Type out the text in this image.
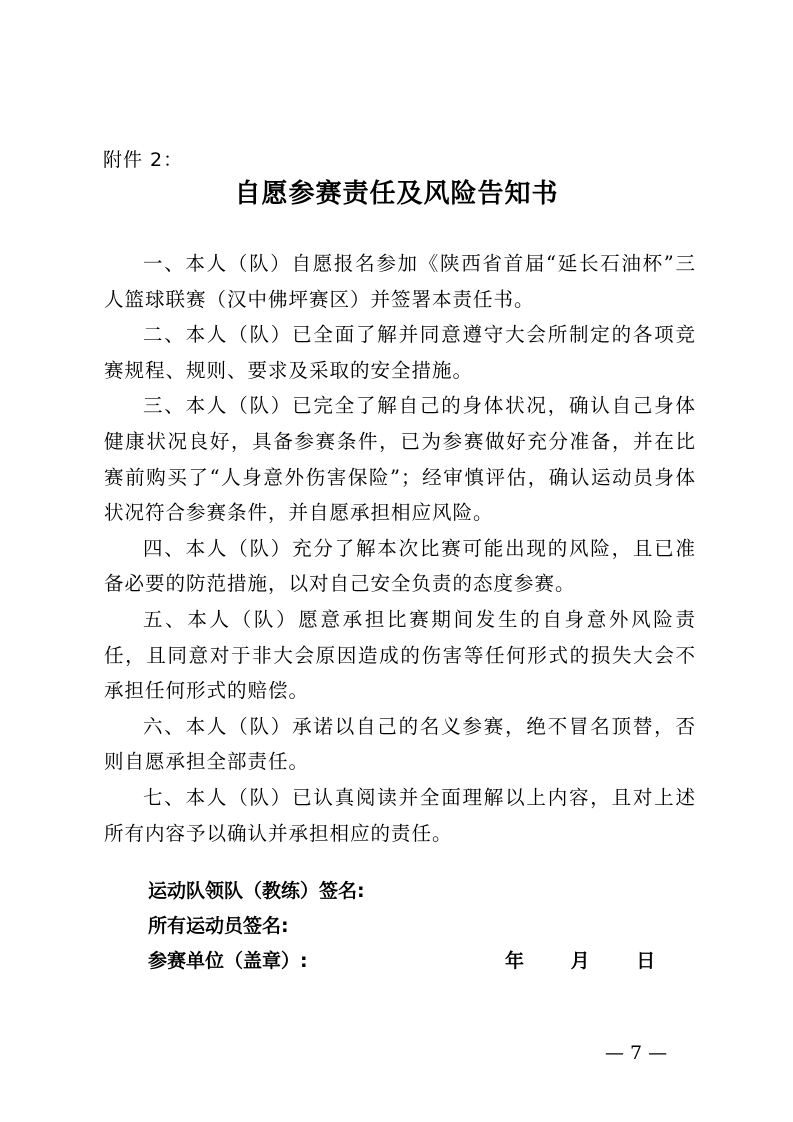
附件 2：
自愿参赛责任及风险告知书

一、本人（队）自愿报名参加《陕西省首届“延长石油杯”三人篮球联赛（汉中佛坪赛区）并签署本责任书。

二、本人（队）已全面了解并同意遵守大会所制定的各项竞赛规程、规则、要求及采取的安全措施。

三、本人（队）已完全了解自己的身体状况，确认自己身体健康状况良好，具备参赛条件，已为参赛做好充分准备，并在比赛前购买了“人身意外伤害保险”；经审慎评估，确认运动员身体状况符合参赛条件，并自愿承担相应风险。

四、本人（队）充分了解本次比赛可能出现的风险，且已准备必要的防范措施，以对自己安全负责的态度参赛。

五、本人（队）愿意承担比赛期间发生的自身意外风险责任，且同意对于非大会原因造成的伤害等任何形式的损失大会不承担任何形式的赔偿。

六、本人（队）承诺以自己的名义参赛，绝不冒名顶替，否则自愿承担全部责任。

七、本人（队）已认真阅读并全面理解以上内容，且对上述所有内容予以确认并承担相应的责任。

运动队领队（教练）签名:
所有运动员签名:
参赛单位（盖章）:	年 月 日
— 7 —
